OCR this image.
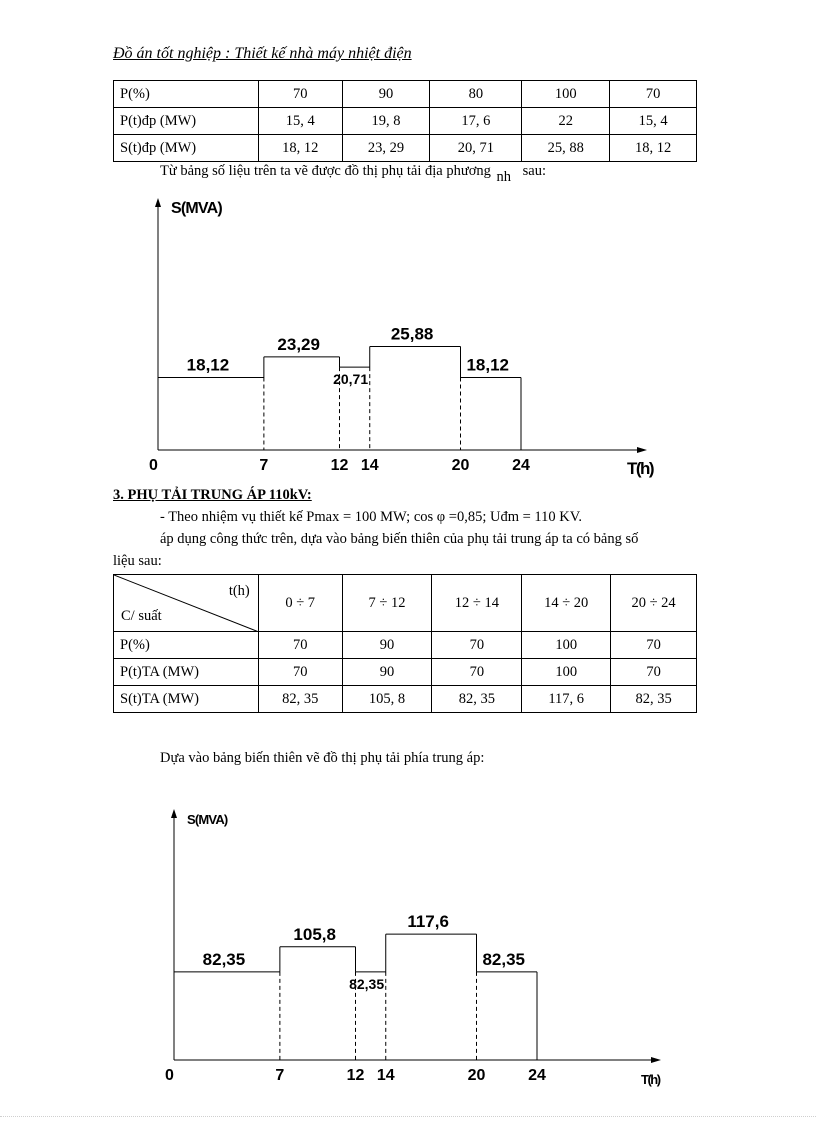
Đồ án tốt nghiệp : Thiết kế nhà máy nhiệt điện
P(%)	70	90	80	100	70
P(t)đp (MW)	15, 4	19, 8	17, 6	22	15, 4
S(t)đp (MW)	18, 12	23, 29	20, 71	25, 88	18, 12
Từ bảng số liệu trên ta vẽ được đồ thị phụ tải địa phương nh sau:
S(MVA)
T(h)
0
18,12
23,29
20,71
25,88
18,12
7	12 14	20	24
3. PHỤ TẢI TRUNG ÁP 110kV:
- Theo nhiệm vụ thiết kế Pmax = 100 MW; cos φ =0,85; Uđm = 110 KV.
áp dụng công thức trên, dựa vào bảng biến thiên của phụ tải trung áp ta có bảng số
liệu sau:
t(h)
C/ suất	0 ÷ 7	7 ÷ 12	12 ÷ 14	14 ÷ 20	20 ÷ 24
P(%)	70	90	70	100	70
P(t)TA (MW)	70	90	70	100	70
S(t)TA (MW)	82, 35	105, 8	82, 35	117, 6	82, 35
Dựa vào bảng biến thiên vẽ đồ thị phụ tải phía trung áp:
S(MVA)
T(h)
0
82,35
105,8
82,35
117,6
82,35
7	12 14	20	24
